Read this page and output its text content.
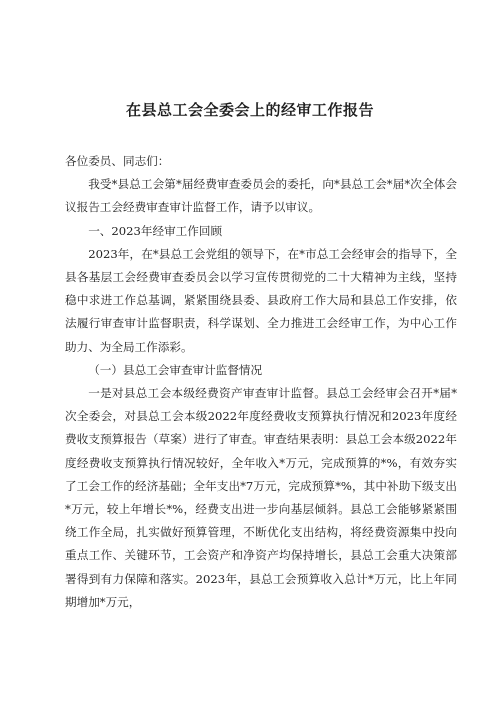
在县总工会全委会上的经审工作报告

各位委员、同志们：

我受*县总工会第*届经费审查委员会的委托，向*县总工会*届*次全体会议报告工会经费审查审计监督工作，请予以审议。

一、2023年经审工作回顾

2023年，在*县总工会党组的领导下，在*市总工会经审会的指导下，全县各基层工会经费审查委员会以学习宣传贯彻党的二十大精神为主线，坚持稳中求进工作总基调，紧紧围绕县委、县政府工作大局和县总工作安排，依法履行审查审计监督职责，科学谋划、全力推进工会经审工作，为中心工作助力、为全局工作添彩。

（一）县总工会审查审计监督情况

一是对县总工会本级经费资产审查审计监督。县总工会经审会召开*届*次全委会，对县总工会本级2022年度经费收支预算执行情况和2023年度经费收支预算报告（草案）进行了审查。审查结果表明：县总工会本级2022年度经费收支预算执行情况较好，全年收入*万元，完成预算的*%，有效夯实了工会工作的经济基础；全年支出*7万元，完成预算*%，其中补助下级支出*万元，较上年增长*%，经费支出进一步向基层倾斜。县总工会能够紧紧围绕工作全局，扎实做好预算管理，不断优化支出结构，将经费资源集中投向重点工作、关键环节，工会资产和净资产均保持增长，县总工会重大决策部署得到有力保障和落实。2023年，县总工会预算收入总计*万元，比上年同期增加*万元，
